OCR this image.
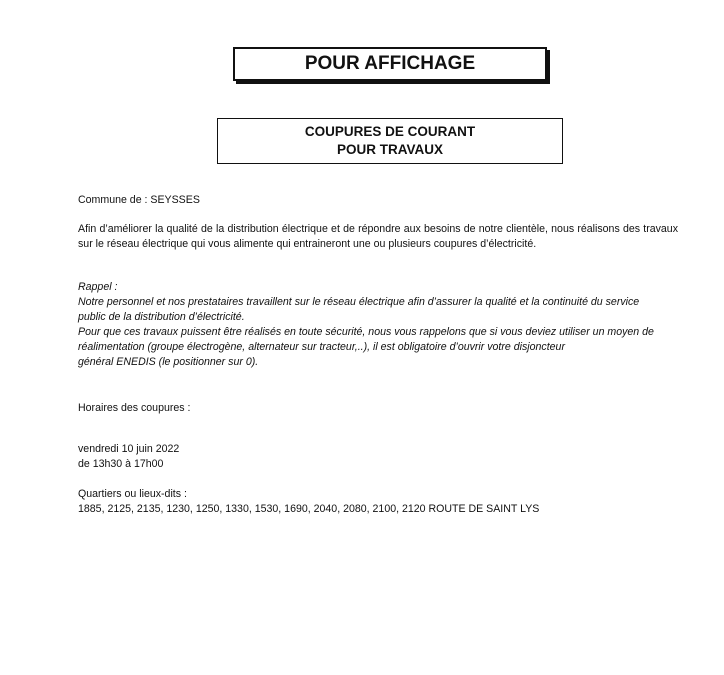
POUR AFFICHAGE
COUPURES DE COURANT
POUR TRAVAUX
Commune de : SEYSSES
Afin d’améliorer la qualité de la distribution électrique et de répondre aux besoins de notre clientèle, nous réalisons des travaux sur le réseau électrique qui vous alimente qui entraineront une ou plusieurs coupures d’électricité.
Rappel :
Notre personnel et nos prestataires travaillent sur le réseau électrique afin d’assurer la qualité et la continuité du service
public de la distribution d’électricité.
Pour que ces travaux puissent être réalisés en toute sécurité, nous vous rappelons que si vous deviez utiliser un moyen de
réalimentation (groupe électrogène, alternateur sur tracteur,..), il est obligatoire d’ouvrir votre disjoncteur
général ENEDIS (le positionner sur 0).
Horaires des coupures :
vendredi 10 juin 2022
de 13h30 à 17h00
Quartiers ou lieux-dits :
1885, 2125, 2135, 1230, 1250, 1330, 1530, 1690, 2040, 2080, 2100, 2120 ROUTE DE SAINT LYS
